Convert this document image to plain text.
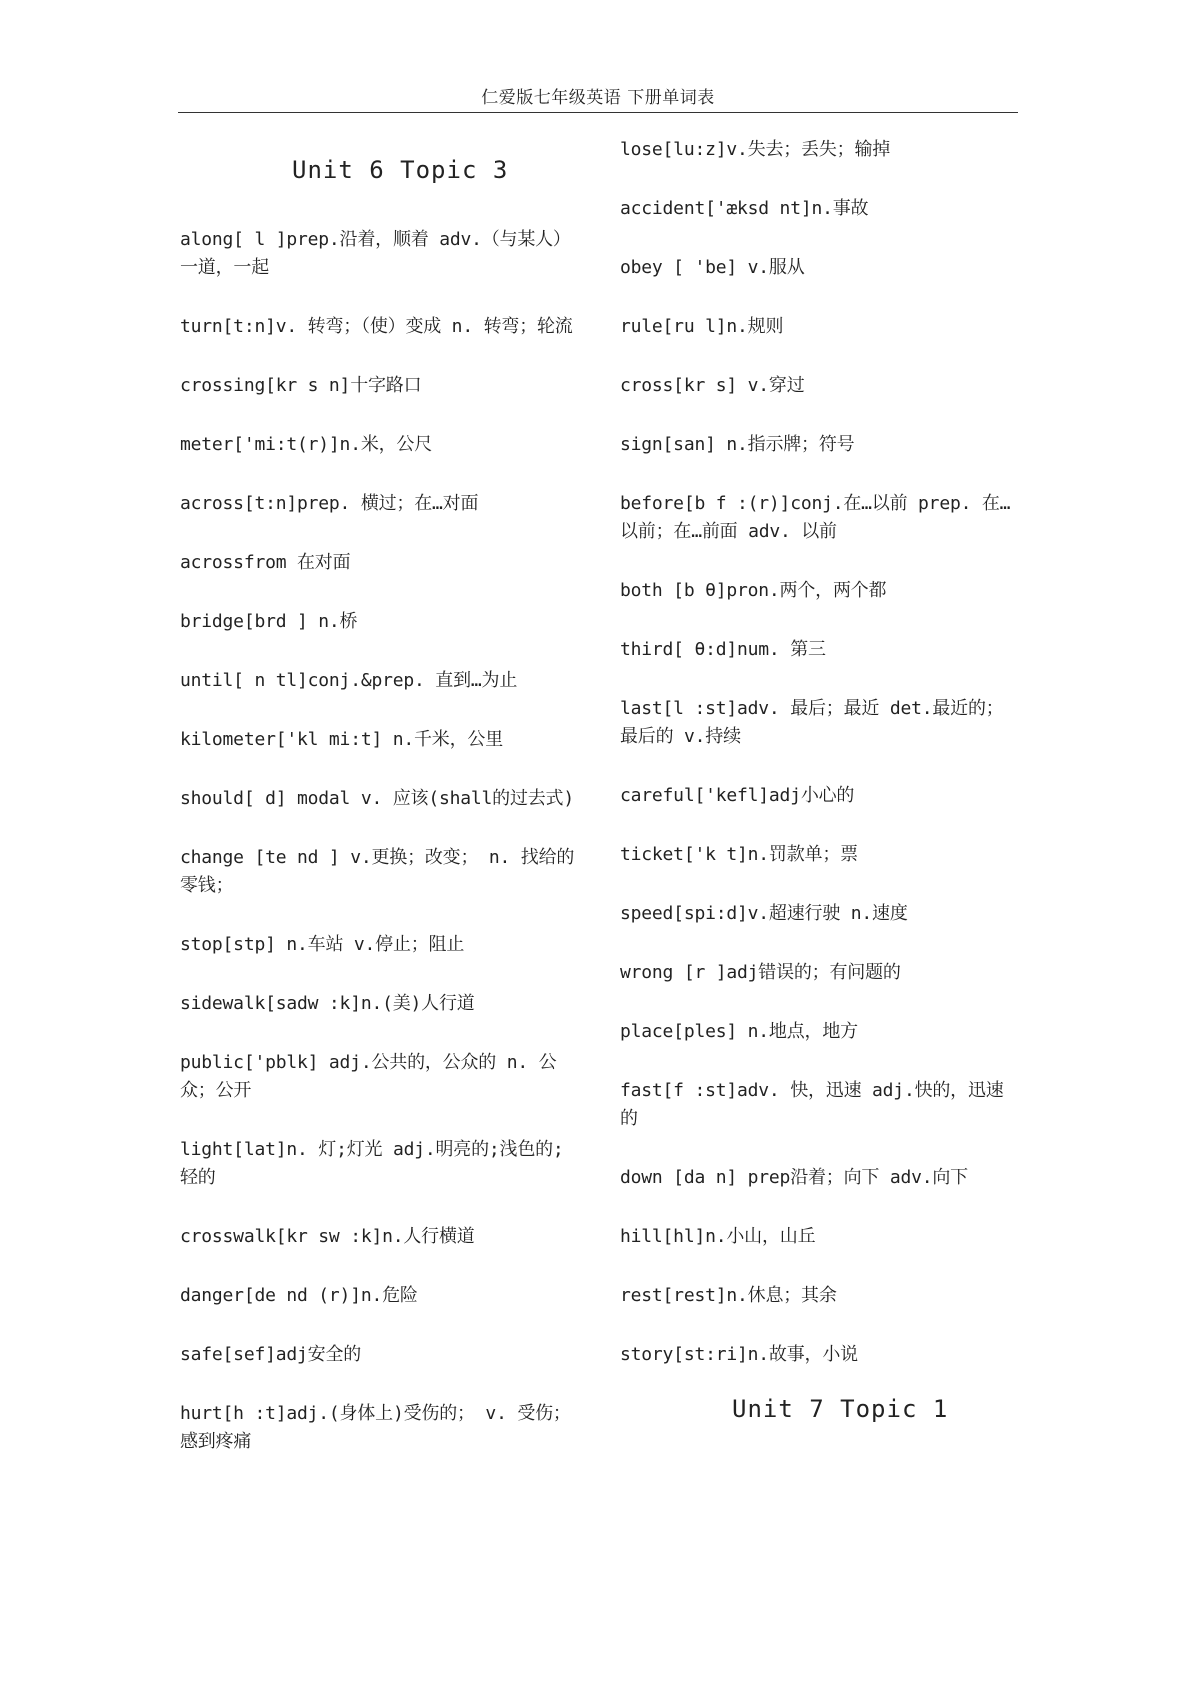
仁爱版七年级英语 下册单词表
Unit 6 Topic 3

along[ l ]prep.沿着，顺着 adv.（与某人）一道，一起

turn[t:n]v. 转弯；（使）变成 n. 转弯；轮流

crossing[kr s n]十字路口

meter['mi:t(r)]n.米，公尺

across[t:n]prep. 横过；在…对面

acrossfrom 在对面

bridge[brd ] n.桥

until[ n tl]conj.&prep. 直到…为止

kilometer['kl mi:t] n.千米，公里

should[ d] modal v. 应该(shall的过去式)

change [te nd ] v.更换；改变； n. 找给的零钱；

stop[stp] n.车站 v.停止；阻止

sidewalk[sadw :k]n.(美)人行道

public['pblk] adj.公共的，公众的 n. 公众；公开

light[lat]n. 灯;灯光 adj.明亮的;浅色的;轻的

crosswalk[kr sw :k]n.人行横道

danger[de nd (r)]n.危险

safe[sef]adj安全的

hurt[h :t]adj.(身体上)受伤的； v. 受伤；感到疼痛

lose[lu:z]v.失去；丢失；输掉

accident['æksd nt]n.事故

obey [ 'be] v.服从

rule[ru l]n.规则

cross[kr s] v.穿过

sign[san] n.指示牌；符号

before[b f :(r)]conj.在…以前 prep. 在…以前；在…前面 adv. 以前

both [b θ]pron.两个，两个都

third[ θ:d]num. 第三

last[l :st]adv. 最后；最近 det.最近的；最后的 v.持续

careful['kefl]adj小心的

ticket['k t]n.罚款单；票

speed[spi:d]v.超速行驶 n.速度

wrong [r ]adj错误的；有问题的

place[ples] n.地点，地方

fast[f :st]adv. 快，迅速 adj.快的，迅速的

down [da n] prep沿着；向下 adv.向下

hill[hl]n.小山，山丘

rest[rest]n.休息；其余

story[st:ri]n.故事，小说

Unit 7 Topic 1
